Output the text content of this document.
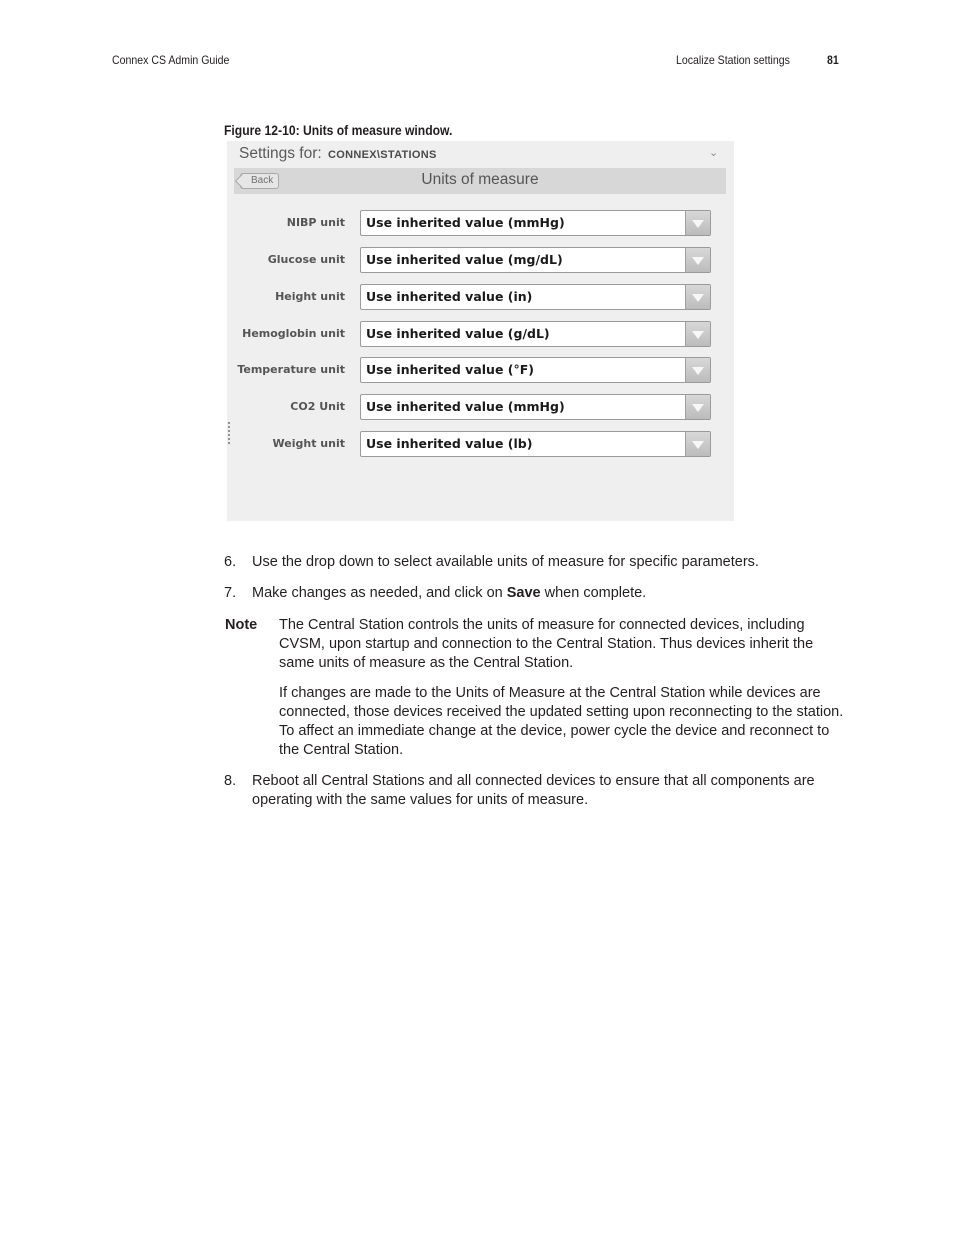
Connex CS Admin Guide	Localize Station settings	81
Figure 12-10: Units of measure window.
Settings for: CONNEX\STATIONS	⌄
Back	Units of measure
NIBP unit Use inherited value (mmHg)
Glucose unit Use inherited value (mg/dL)
Height unit Use inherited value (in)
Hemoglobin unit Use inherited value (g/dL)
Temperature unit Use inherited value (°F)
CO2 Unit Use inherited value (mmHg)
Weight unit Use inherited value (lb)
6. Use the drop down to select available units of measure for specific parameters.
7. Make changes as needed, and click on Save when complete.
Note The Central Station controls the units of measure for connected devices, including CVSM, upon startup and connection to the Central Station. Thus devices inherit the same units of measure as the Central Station.
If changes are made to the Units of Measure at the Central Station while devices are connected, those devices received the updated setting upon reconnecting to the station. To affect an immediate change at the device, power cycle the device and reconnect to the Central Station.
8. Reboot all Central Stations and all connected devices to ensure that all components are operating with the same values for units of measure.
